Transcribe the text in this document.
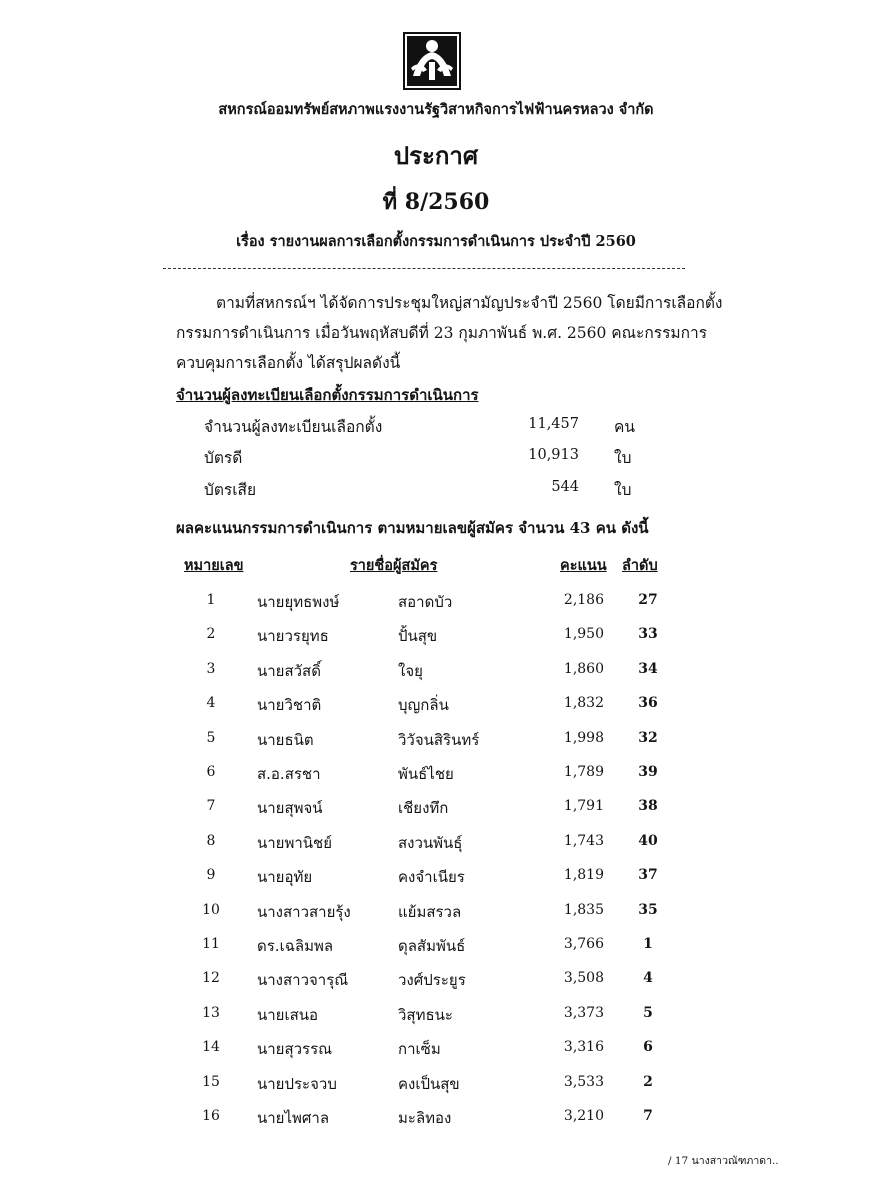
สหกรณ์ออมทรัพย์สหภาพแรงงานรัฐวิสาหกิจการไฟฟ้านครหลวง จำกัด
ประกาศ
ที่ 8/2560
เรื่อง รายงานผลการเลือกตั้งกรรมการดำเนินการ ประจำปี 2560
ตามที่สหกรณ์ฯ ได้จัดการประชุมใหญ่สามัญประจำปี 2560 โดยมีการเลือกตั้งกรรมการดำเนินการ เมื่อวันพฤหัสบดีที่ 23 กุมภาพันธ์ พ.ศ. 2560 คณะกรรมการควบคุมการเลือกตั้ง ได้สรุปผลดังนี้
จำนวนผู้ลงทะเบียนเลือกตั้งกรรมการดำเนินการ
จำนวนผู้ลงทะเบียนเลือกตั้ง	11,457 คน
บัตรดี	10,913 ใบ
บัตรเสีย	544 ใบ
ผลคะแนนกรรมการดำเนินการ ตามหมายเลขผู้สมัคร จำนวน 43 คน ดังนี้
หมายเลข	รายชื่อผู้สมัคร	คะแนน ลำดับ
1	นายยุทธพงษ์	สอาดบัว	2,186	27
2	นายวรยุทธ	ปั้นสุข	1,950	33
3	นายสวัสดิ์	ใจยุ	1,860	34
4	นายวิชาติ	บุญกลิ่น	1,832	36
5	นายธนิต	วิวัจนสิรินทร์	1,998	32
6	ส.อ.สรชา	พันธ์ไชย	1,789	39
7	นายสุพจน์	เชียงทึก	1,791	38
8	นายพานิชย์	สงวนพันธุ์	1,743	40
9	นายอุทัย	คงจำเนียร	1,819	37
10	นางสาวสายรุ้ง	แย้มสรวล	1,835	35
11	ดร.เฉลิมพล	ดุลสัมพันธ์	3,766	1
12	นางสาวจารุณี	วงศ์ประยูร	3,508	4
13	นายเสนอ	วิสุทธนะ	3,373	5
14	นายสุวรรณ	กาเซ็ม	3,316	6
15	นายประจวบ	คงเป็นสุข	3,533	2
16	นายไพศาล	มะลิทอง	3,210	7
/ 17 นางสาวณัฑภาดา..
